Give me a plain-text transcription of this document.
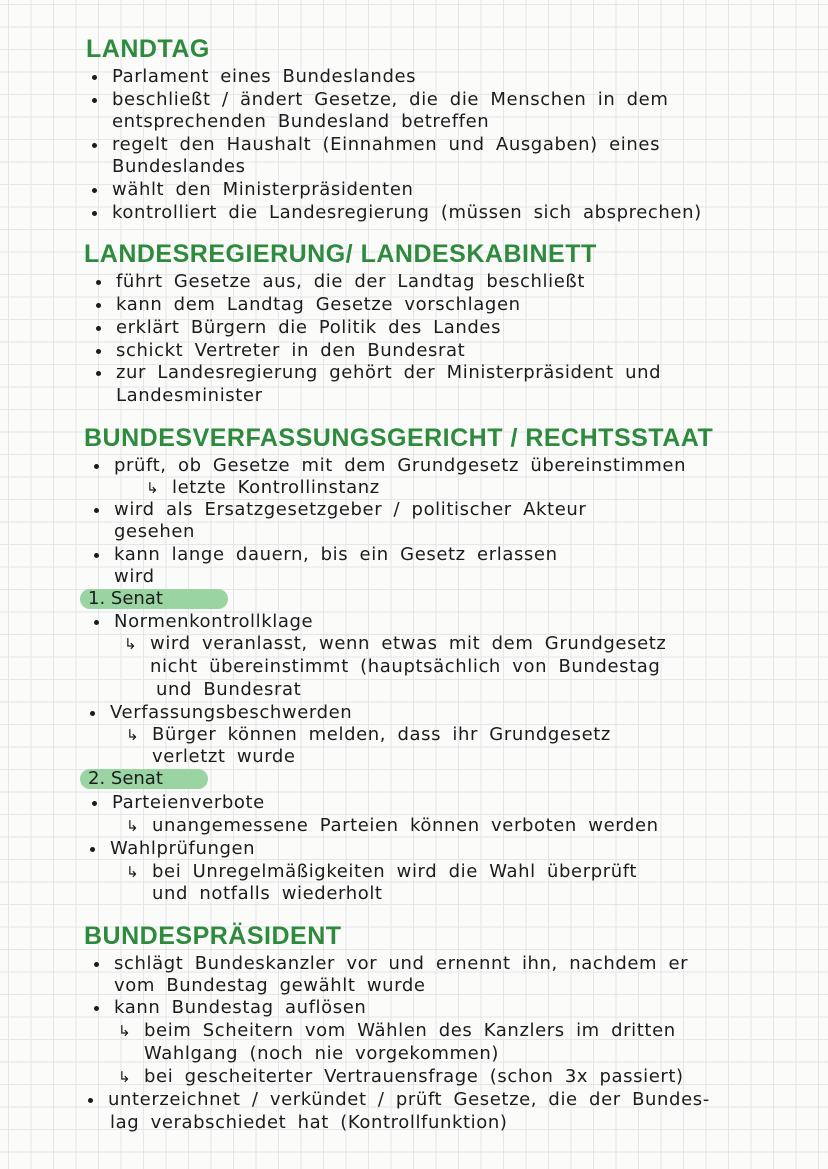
LANDTAG
Parlament eines Bundeslandes
beschließt / ändert Gesetze, die die Menschen in dem
entsprechenden Bundesland betreffen
regelt den Haushalt (Einnahmen und Ausgaben) eines
Bundeslandes
wählt den Ministerpräsidenten
kontrolliert die Landesregierung (müssen sich absprechen)
LANDESREGIERUNG/ LANDESKABINETT
führt Gesetze aus, die der Landtag beschließt
kann dem Landtag Gesetze vorschlagen
erklärt Bürgern die Politik des Landes
schickt Vertreter in den Bundesrat
zur Landesregierung gehört der Ministerpräsident und
Landesminister
BUNDESVERFASSUNGSGERICHT / RECHTSSTAAT
prüft, ob Gesetze mit dem Grundgesetz übereinstimmen
↳ letzte Kontrollinstanz
wird als Ersatzgesetzgeber / politischer Akteur
gesehen
kann lange dauern, bis ein Gesetz erlassen
wird
1. Senat
Normenkontrollklage
↳ wird veranlasst, wenn etwas mit dem Grundgesetz
nicht übereinstimmt (hauptsächlich von Bundestag
und Bundesrat
Verfassungsbeschwerden
↳ Bürger können melden, dass ihr Grundgesetz
verletzt wurde
2. Senat
Parteienverbote
↳ unangemessene Parteien können verboten werden
Wahlprüfungen
↳ bei Unregelmäßigkeiten wird die Wahl überprüft
und notfalls wiederholt
BUNDESPRÄSIDENT
schlägt Bundeskanzler vor und ernennt ihn, nachdem er
vom Bundestag gewählt wurde
kann Bundestag auflösen
↳ beim Scheitern vom Wählen des Kanzlers im dritten
Wahlgang (noch nie vorgekommen)
↳ bei gescheiterter Vertrauensfrage (schon 3x passiert)
unterzeichnet / verkündet / prüft Gesetze, die der Bundes-
lag verabschiedet hat (Kontrollfunktion)
